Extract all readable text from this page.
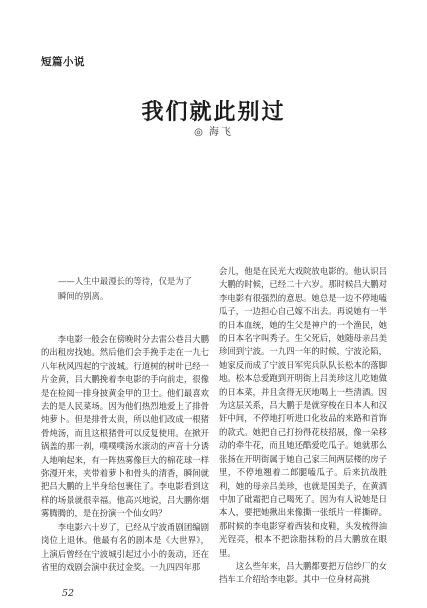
短篇小说
我们就此别过
◎ 海飞
——人生中最漫长的等待，仅是为了
瞬间的别离。

李电影一般会在傍晚时分去雷公巷吕大鹏的出租房找她。然后他们会手挽手走在一九七八年秋风四起的宁波城。行道树的树叶已经一片金黄，吕大鹏挽着李电影的手向前走，很像是在检阅一排身披黄金甲的卫士。他们最喜欢去的是人民菜场。因为他们热烈地爱上了排骨炖萝卜。但是排骨太贵，所以他们改成一根猪骨炖汤，而且这根猪骨可以反复使用。在掀开锅盖的那一刹，噗噗噗汤水滚动的声音十分诱人地响起来，有一阵热雾像巨大的棉花球一样弥漫开来，夹带着萝卜和骨头的清香，瞬间就把吕大鹏的上半身给包裹住了。李电影看到这样的场景就很幸福。他高兴地说，吕大鹏你烟雾腾腾的，是在扮演一个仙女吗？

李电影六十岁了，已经从宁波甬剧团编剧岗位上退休。他最有名的剧本是《大世界》，上演后曾经在宁波城引起过小小的轰动，还在省里的戏剧会演中获过金奖。一九四四年那

会儿，他是在民光大戏院放电影的。他认识吕大鹏的时候，已经二十六岁。那时候吕大鹏对李电影有很强烈的意思。她总是一边不停地嗑瓜子，一边担心自己嫁不出去。再说她有一半的日本血统，她的生父是神户的一个渔民，她的日本名字叫秀子。生父死后，她随母亲吕美珍回到宁波。一九四一年的时候，宁波沦陷，她家反而成了宁波日军宪兵队队长松本的落脚地。松本总爱跑到开明街上吕美珍这儿吃她做的日本菜，并且贪得无厌地喝上一些清酒。因为这层关系，吕大鹏于是就穿梭在日本人和汉奸中间，不停地打听进口化妆品的来路和首饰的款式。她把自己打扮得花枝招展，像一朵移动的牵牛花，而且她还酷爱吃瓜子。她就那么张扬在开明街属于她自己家三间两层楼的房子里，不停地翘着二郎腿嗑瓜子。后来抗战胜利，她的母亲吕美珍，也就是国美子，在黄酒中加了砒霜把自己喝死了。因为有人说她是日本人，要把她揪出来像撕一张纸片一样撕碎。那时候的李电影穿着西装和皮鞋，头发梳得油光锃亮，根本不把涂脂抹粉的吕大鹏放在眼里。

这么些年来，吕大鹏都要把万信纱厂的女挡车工介绍给李电影。其中一位身材高挑

52
